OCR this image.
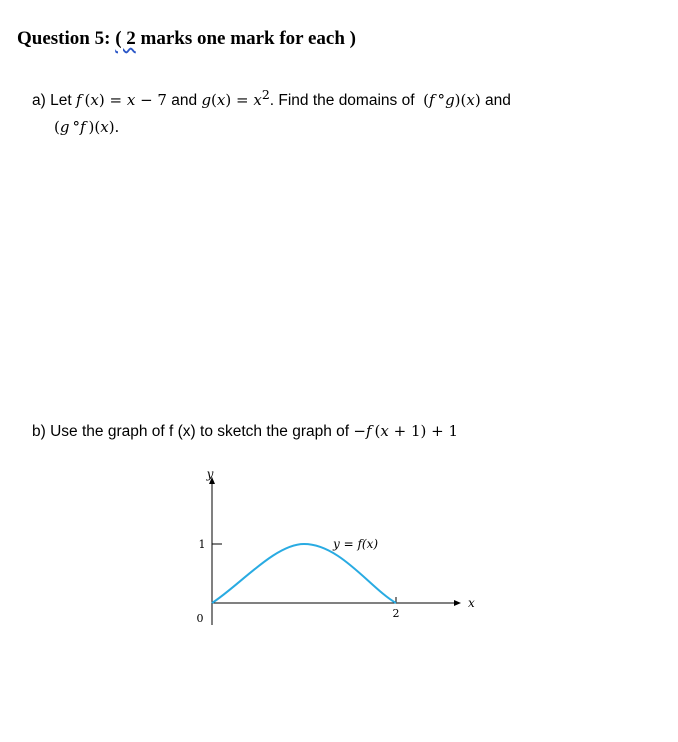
Question 5: ( 2 marks one mark for each )
a) Let f (x) = x − 7 and $g(x) = x^2$. Find the domains of  (f °g)(x) and
(g °f )(x).
b) Use the graph of f (x) to sketch the graph of −f (x + 1) + 1
y
x
1
0	2
y = f(x)
